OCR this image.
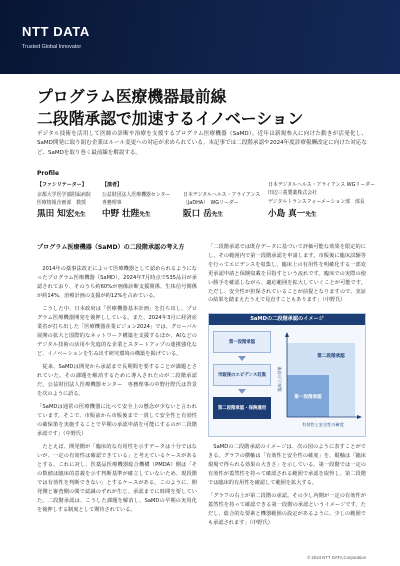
NTT DATA
Trusted Global Innovator
プログラム医療機器最前線
二段階承認で加速するイノベーション
デジタル技術を活用して医師の診断や治療を支援するプログラム医療機器（SaMD）。近年は新規参入に向けた動きが活発化し、SaMD開発に取り組む企業はルール変更への対応が求められている。本記事では二段階承認や2024年度診療報酬改定に向けた対応など、SaMDを取り巻く最前線を解説する。
Profile
【ファシリテーター】
京都大学医学部附属病院
医療情報企画部　教授
黒田 知宏先生
【演者】
公益財団法人医療機器センター
専務理事
中野 壮陛先生
日本デジタルヘルス・アライアンス
（JaDHA）　WGリーダー
阪口 岳先生
日本デジタルヘルス・アライアンス WGリーダー
田辺三菱製薬株式会社
デジタルトランスフォーメーション部　部長
小島 真一先生
プログラム医療機器（SaMD）の二段階承認の考え方

　2014年の薬事法改正によって医療機器として認められるようになったプログラム医療機器（SaMD）。2024年7月時点で535品目が承認されており、そのうち約60%が画像診断支援関係、生体信号関係が約14%、治療計画の支援が約12%を占めている。

　こうした中、日本政府は「医療機器基本計画」を打ち出し、プログラム医療機器開発を後押ししている。また、2024年3月に経済産業省が打ち出した「医療機器産業ビジョン2024」では、グローバル展開の拡大と国際的なネットワーク構築を支援するほか、AIなどのデジタル技術の活用や先進的な企業とスタートアップの連携強化など、イノベーションを生み出す研究環境の構築を掲げている。

　従来、SaMDは開発から承認まで長期間を要することが課題とされていた。その課題を解消するために導入されたのが二段階承認だ。公益財団法人医療機器センター　専務理事の中野壮陛氏は背景を次のように語る。

「SaMDは通常の医療機器に比べて安全上の懸念が少ないと言われています。そこで、市販前から市販後まで一貫して安全性と有効性の確保策を実施することで早期の承認申請を可能にするのが二段階承認です」（中野氏）

　たとえば、開発側が「臨床的な有用性を示すデータは十分ではないが、一定の有効性は確認できている」と考えているケースがあるとする。これに対し、医薬品医療機器総合機構（PMDA）側は「その数値は臨床的意義を示す判断基準が確立していないため、現段階では有効性を判断できない」とするケースがある。このように、開発側と審査側の間で認識のずれが生じ、承認までに時間を要していた。二段階承認は、こうした課題を解消し、SaMDの早期の実用化を後押しする制度として期待されている。

「二段階承認では既存データに基づいて評価可能な効果を限定的にし、その範囲内で第一段階承認を申請します。市販後に臨床試験等を行ってエビデンスを収集し、臨床上の有用性を明確化する一部変更承認申請と保険収載を目指すという流れです。臨床での実際の使い勝手を確認しながら、適応範囲を拡大していくことが可能です。ただし、安全性が担保されていることが前提となりますので、実証の結果を踏まえたうえで見直すこともあります」（中野氏）

SaMDの二段階承認のイメージ
第一段階承認
市販後のエビデンス収集
第二段階承認・保険適用
第二段階承認
第一段階承認
有効性と安全性の確度
臨床上の効果

　SaMDの二段階承認のイメージは、次の図のように表すことができる。グラフの横軸は「有効性と安全性の確度」を、縦軸は「臨床現場で得られる効果の大きさ」を示している。第一段階では一定の有効性が蓋然性を持って確認される範囲で承認を取得し、第二段階では臨床的有用性を確認して範囲を拡大する。

「グラフの右上が第二段階の承認。その少し内側が一定の有効性が蓋然性を持って確認できる第一段階の承認というイメージです。ただし、総合的な要素と機器範囲の設定があるように、少しの範囲でも承認されます」（中野氏）

© 2024 NTT DATA Corporation
